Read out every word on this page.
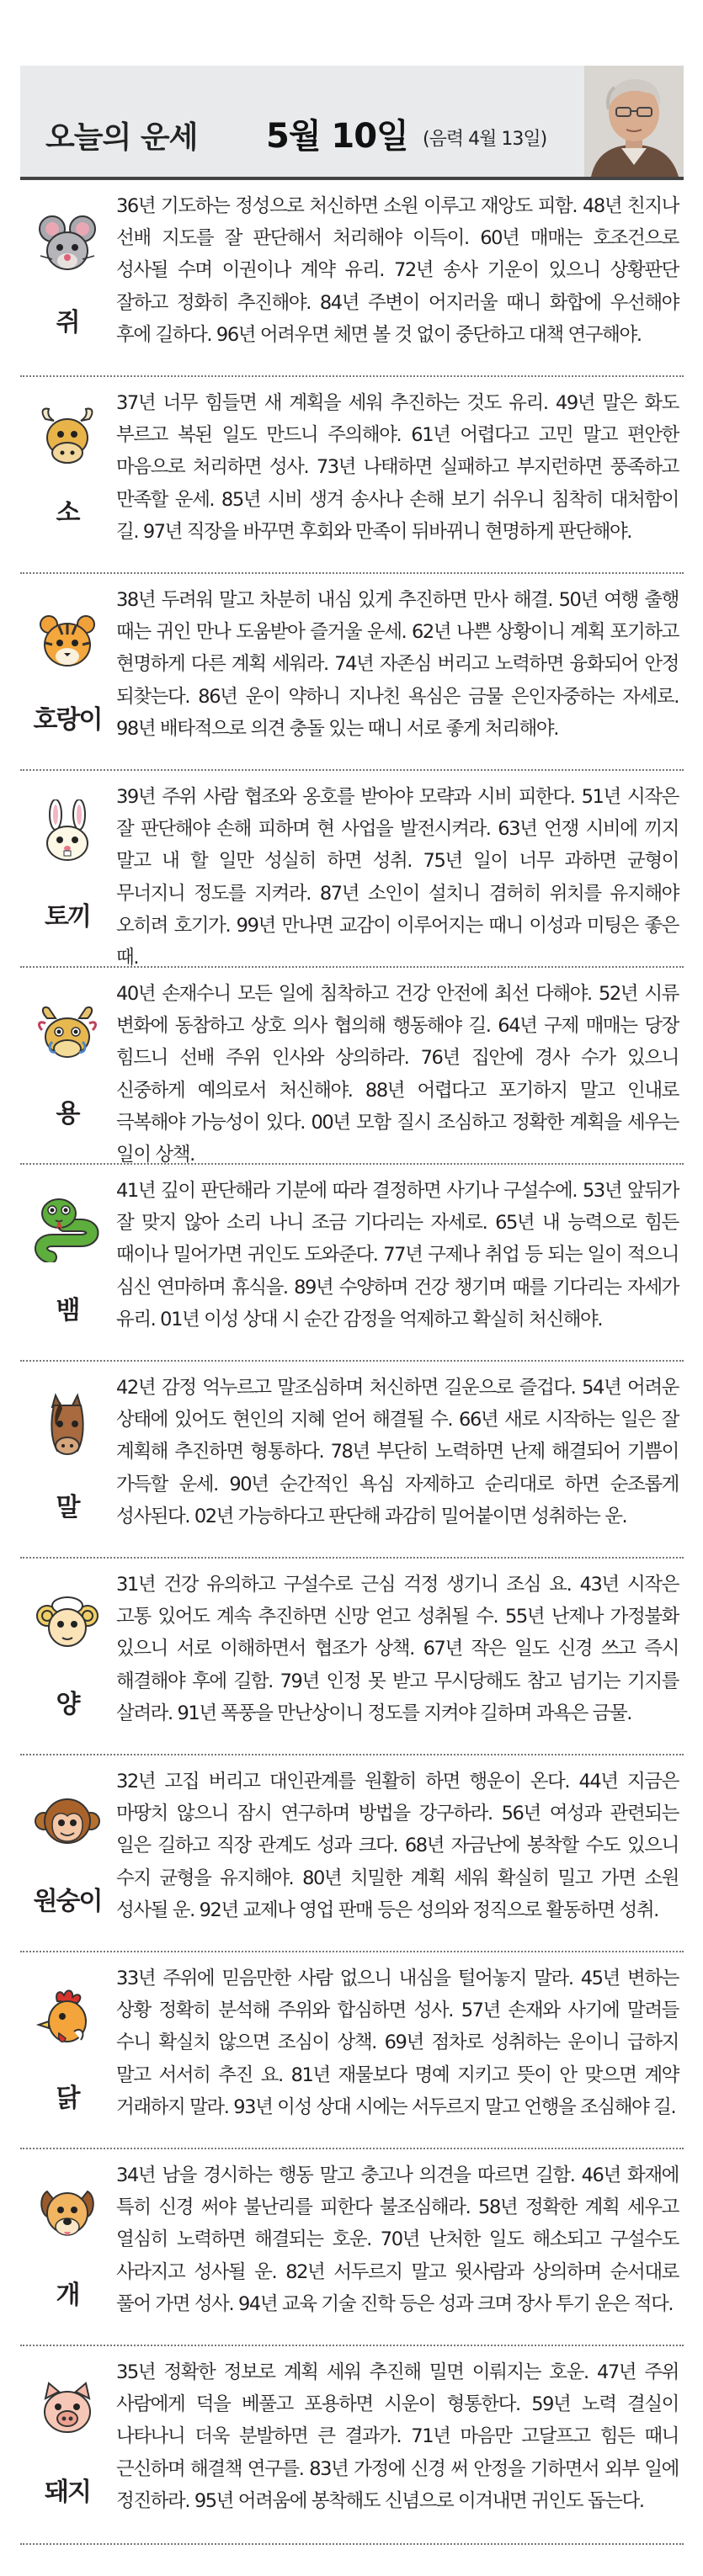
오늘의 운세 5월 10일 (음력 4월 13일)
쥐
36년 기도하는 정성으로 처신하면 소원 이루고 재앙도 피함. 48년 친지나 선배 지도를 잘 판단해서 처리해야 이득이. 60년 매매는 호조건으로 성사될 수며 이권이나 계약 유리. 72년 송사 기운이 있으니 상황판단 잘하고 정화히 추진해야. 84년 주변이 어지러울 때니 화합에 우선해야 후에 길하다. 96년 어려우면 체면 볼 것 없이 중단하고 대책 연구해야.
소
37년 너무 힘들면 새 계획을 세워 추진하는 것도 유리. 49년 말은 화도 부르고 복된 일도 만드니 주의해야. 61년 어렵다고 고민 말고 편안한 마음으로 처리하면 성사. 73년 나태하면 실패하고 부지런하면 풍족하고 만족할 운세. 85년 시비 생겨 송사나 손해 보기 쉬우니 침착히 대처함이 길. 97년 직장을 바꾸면 후회와 만족이 뒤바뀌니 현명하게 판단해야.
호랑이
38년 두려워 말고 차분히 내심 있게 추진하면 만사 해결. 50년 여행 출행 때는 귀인 만나 도움받아 즐거울 운세. 62년 나쁜 상황이니 계획 포기하고 현명하게 다른 계획 세워라. 74년 자존심 버리고 노력하면 융화되어 안정 되찾는다. 86년 운이 약하니 지나친 욕심은 금물 은인자중하는 자세로. 98년 배타적으로 의견 충돌 있는 때니 서로 좋게 처리해야.
토끼
39년 주위 사람 협조와 옹호를 받아야 모략과 시비 피한다. 51년 시작은 잘 판단해야 손해 피하며 현 사업을 발전시켜라. 63년 언쟁 시비에 끼지 말고 내 할 일만 성실히 하면 성취. 75년 일이 너무 과하면 균형이 무너지니 정도를 지켜라. 87년 소인이 설치니 겸허히 위치를 유지해야 오히려 호기가. 99년 만나면 교감이 이루어지는 때니 이성과 미팅은 좋은 때.
용
40년 손재수니 모든 일에 침착하고 건강 안전에 최선 다해야. 52년 시류 변화에 동참하고 상호 의사 협의해 행동해야 길. 64년 구제 매매는 당장 힘드니 선배 주위 인사와 상의하라. 76년 집안에 경사 수가 있으니 신중하게 예의로서 처신해야. 88년 어렵다고 포기하지 말고 인내로 극복해야 가능성이 있다. 00년 모함 질시 조심하고 정확한 계획을 세우는 일이 상책.
뱀
41년 깊이 판단해라 기분에 따라 결정하면 사기나 구설수에. 53년 앞뒤가 잘 맞지 않아 소리 나니 조금 기다리는 자세로. 65년 내 능력으로 힘든 때이나 밀어가면 귀인도 도와준다. 77년 구제나 취업 등 되는 일이 적으니 심신 연마하며 휴식을. 89년 수양하며 건강 챙기며 때를 기다리는 자세가 유리. 01년 이성 상대 시 순간 감정을 억제하고 확실히 처신해야.
말
42년 감정 억누르고 말조심하며 처신하면 길운으로 즐겁다. 54년 어려운 상태에 있어도 현인의 지혜 얻어 해결될 수. 66년 새로 시작하는 일은 잘 계획해 추진하면 형통하다. 78년 부단히 노력하면 난제 해결되어 기쁨이 가득할 운세. 90년 순간적인 욕심 자제하고 순리대로 하면 순조롭게 성사된다. 02년 가능하다고 판단해 과감히 밀어붙이면 성취하는 운.
양
31년 건강 유의하고 구설수로 근심 걱정 생기니 조심 요. 43년 시작은 고통 있어도 계속 추진하면 신망 얻고 성취될 수. 55년 난제나 가정불화 있으니 서로 이해하면서 협조가 상책. 67년 작은 일도 신경 쓰고 즉시 해결해야 후에 길함. 79년 인정 못 받고 무시당해도 참고 넘기는 기지를 살려라. 91년 폭풍을 만난상이니 정도를 지켜야 길하며 과욕은 금물.
원숭이
32년 고집 버리고 대인관계를 원활히 하면 행운이 온다. 44년 지금은 마땅치 않으니 잠시 연구하며 방법을 강구하라. 56년 여성과 관련되는 일은 길하고 직장 관계도 성과 크다. 68년 자금난에 봉착할 수도 있으니 수지 균형을 유지해야. 80년 치밀한 계획 세워 확실히 밀고 가면 소원 성사될 운. 92년 교제나 영업 판매 등은 성의와 정직으로 활동하면 성취.
닭
33년 주위에 믿음만한 사람 없으니 내심을 털어놓지 말라. 45년 변하는 상황 정확히 분석해 주위와 합심하면 성사. 57년 손재와 사기에 말려들 수니 확실치 않으면 조심이 상책. 69년 점차로 성취하는 운이니 급하지 말고 서서히 추진 요. 81년 재물보다 명예 지키고 뜻이 안 맞으면 계약 거래하지 말라. 93년 이성 상대 시에는 서두르지 말고 언행을 조심해야 길.
개
34년 남을 경시하는 행동 말고 충고나 의견을 따르면 길함. 46년 화재에 특히 신경 써야 불난리를 피한다 불조심해라. 58년 정확한 계획 세우고 열심히 노력하면 해결되는 호운. 70년 난처한 일도 해소되고 구설수도 사라지고 성사될 운. 82년 서두르지 말고 윗사람과 상의하며 순서대로 풀어 가면 성사. 94년 교육 기술 진학 등은 성과 크며 장사 투기 운은 적다.
돼지
35년 정확한 정보로 계획 세워 추진해 밀면 이뤄지는 호운. 47년 주위 사람에게 덕을 베풀고 포용하면 시운이 형통한다. 59년 노력 결실이 나타나니 더욱 분발하면 큰 결과가. 71년 마음만 고달프고 힘든 때니 근신하며 해결책 연구를. 83년 가정에 신경 써 안정을 기하면서 외부 일에 정진하라. 95년 어려움에 봉착해도 신념으로 이겨내면 귀인도 돕는다.
